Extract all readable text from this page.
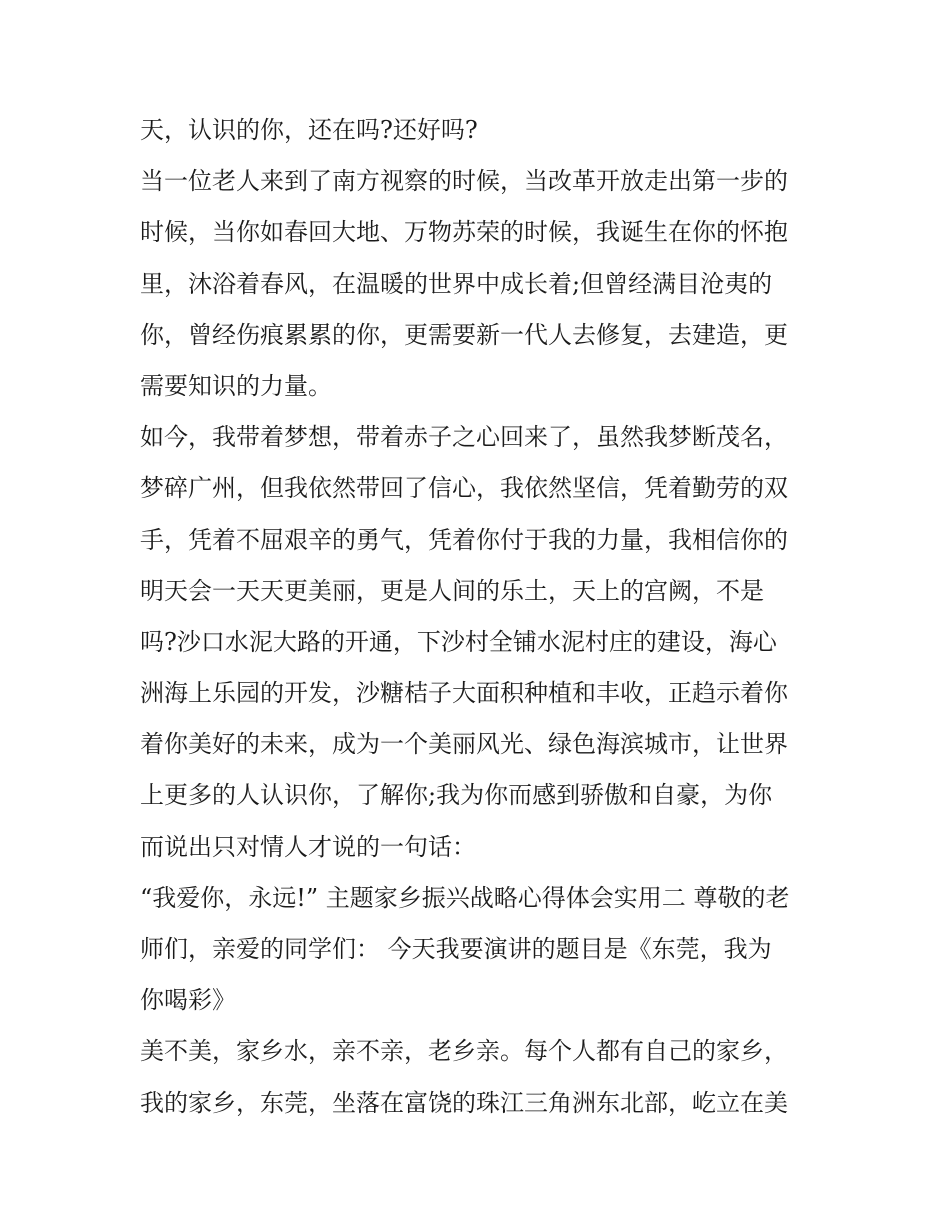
天，认识的你，还在吗?还好吗?
当一位老人来到了南方视察的时候，当改革开放走出第一步的
时候，当你如春回大地、万物苏荣的时候，我诞生在你的怀抱
里，沐浴着春风，在温暖的世界中成长着;但曾经满目沧夷的
你，曾经伤痕累累的你，更需要新一代人去修复，去建造，更
需要知识的力量。
如今，我带着梦想，带着赤子之心回来了，虽然我梦断茂名，
梦碎广州，但我依然带回了信心，我依然坚信，凭着勤劳的双
手，凭着不屈艰辛的勇气，凭着你付于我的力量，我相信你的
明天会一天天更美丽，更是人间的乐土，天上的宫阙，不是
吗?沙口水泥大路的开通，下沙村全铺水泥村庄的建设，海心
洲海上乐园的开发，沙糖桔子大面积种植和丰收，正趋示着你
着你美好的未来，成为一个美丽风光、绿色海滨城市，让世界
上更多的人认识你，了解你;我为你而感到骄傲和自豪，为你
而说出只对情人才说的一句话：
“我爱你，永远!” 主题家乡振兴战略心得体会实用二 尊敬的老
师们，亲爱的同学们： 今天我要演讲的题目是《东莞，我为
你喝彩》
美不美，家乡水，亲不亲，老乡亲。每个人都有自己的家乡，
我的家乡，东莞，坐落在富饶的珠江三角洲东北部，屹立在美
